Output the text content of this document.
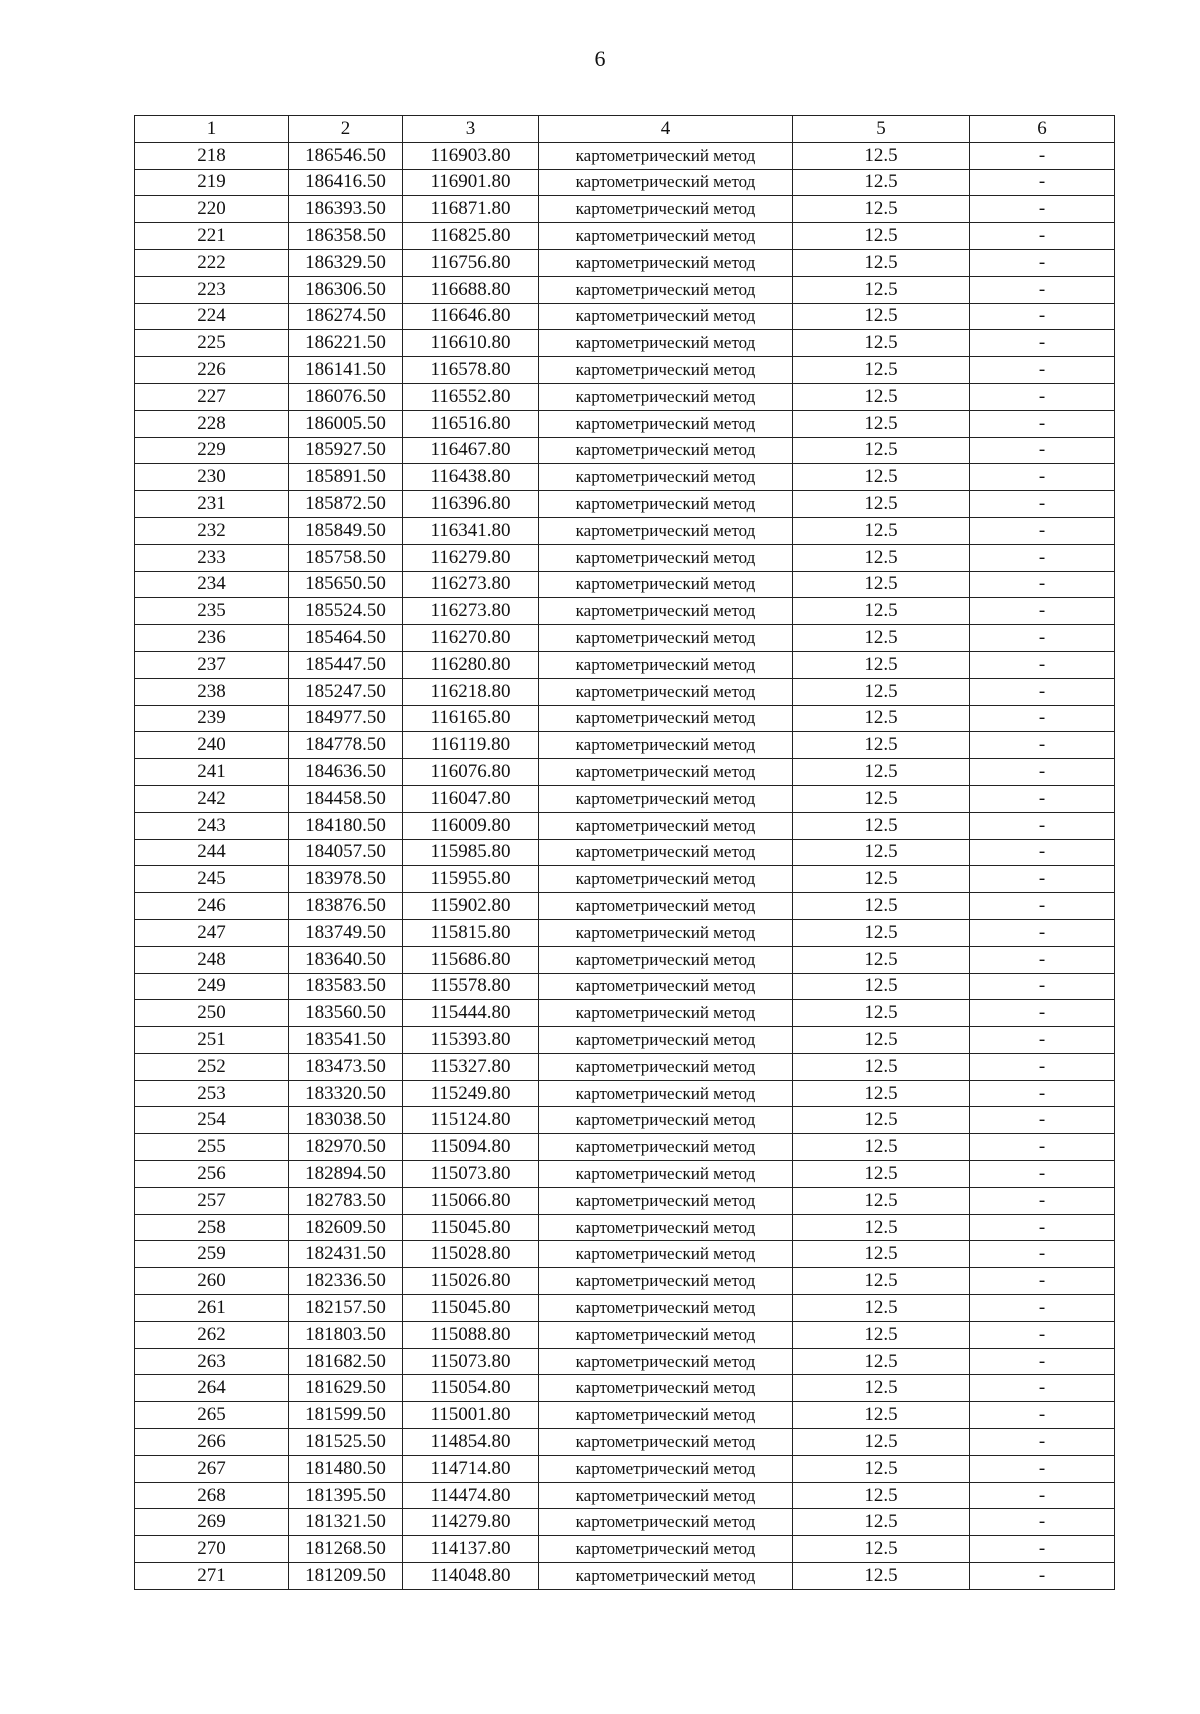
6
1	2	3	4	5	6
218	186546.50	116903.80	картометрический метод	12.5	-
219	186416.50	116901.80	картометрический метод	12.5	-
220	186393.50	116871.80	картометрический метод	12.5	-
221	186358.50	116825.80	картометрический метод	12.5	-
222	186329.50	116756.80	картометрический метод	12.5	-
223	186306.50	116688.80	картометрический метод	12.5	-
224	186274.50	116646.80	картометрический метод	12.5	-
225	186221.50	116610.80	картометрический метод	12.5	-
226	186141.50	116578.80	картометрический метод	12.5	-
227	186076.50	116552.80	картометрический метод	12.5	-
228	186005.50	116516.80	картометрический метод	12.5	-
229	185927.50	116467.80	картометрический метод	12.5	-
230	185891.50	116438.80	картометрический метод	12.5	-
231	185872.50	116396.80	картометрический метод	12.5	-
232	185849.50	116341.80	картометрический метод	12.5	-
233	185758.50	116279.80	картометрический метод	12.5	-
234	185650.50	116273.80	картометрический метод	12.5	-
235	185524.50	116273.80	картометрический метод	12.5	-
236	185464.50	116270.80	картометрический метод	12.5	-
237	185447.50	116280.80	картометрический метод	12.5	-
238	185247.50	116218.80	картометрический метод	12.5	-
239	184977.50	116165.80	картометрический метод	12.5	-
240	184778.50	116119.80	картометрический метод	12.5	-
241	184636.50	116076.80	картометрический метод	12.5	-
242	184458.50	116047.80	картометрический метод	12.5	-
243	184180.50	116009.80	картометрический метод	12.5	-
244	184057.50	115985.80	картометрический метод	12.5	-
245	183978.50	115955.80	картометрический метод	12.5	-
246	183876.50	115902.80	картометрический метод	12.5	-
247	183749.50	115815.80	картометрический метод	12.5	-
248	183640.50	115686.80	картометрический метод	12.5	-
249	183583.50	115578.80	картометрический метод	12.5	-
250	183560.50	115444.80	картометрический метод	12.5	-
251	183541.50	115393.80	картометрический метод	12.5	-
252	183473.50	115327.80	картометрический метод	12.5	-
253	183320.50	115249.80	картометрический метод	12.5	-
254	183038.50	115124.80	картометрический метод	12.5	-
255	182970.50	115094.80	картометрический метод	12.5	-
256	182894.50	115073.80	картометрический метод	12.5	-
257	182783.50	115066.80	картометрический метод	12.5	-
258	182609.50	115045.80	картометрический метод	12.5	-
259	182431.50	115028.80	картометрический метод	12.5	-
260	182336.50	115026.80	картометрический метод	12.5	-
261	182157.50	115045.80	картометрический метод	12.5	-
262	181803.50	115088.80	картометрический метод	12.5	-
263	181682.50	115073.80	картометрический метод	12.5	-
264	181629.50	115054.80	картометрический метод	12.5	-
265	181599.50	115001.80	картометрический метод	12.5	-
266	181525.50	114854.80	картометрический метод	12.5	-
267	181480.50	114714.80	картометрический метод	12.5	-
268	181395.50	114474.80	картометрический метод	12.5	-
269	181321.50	114279.80	картометрический метод	12.5	-
270	181268.50	114137.80	картометрический метод	12.5	-
271	181209.50	114048.80	картометрический метод	12.5	-
